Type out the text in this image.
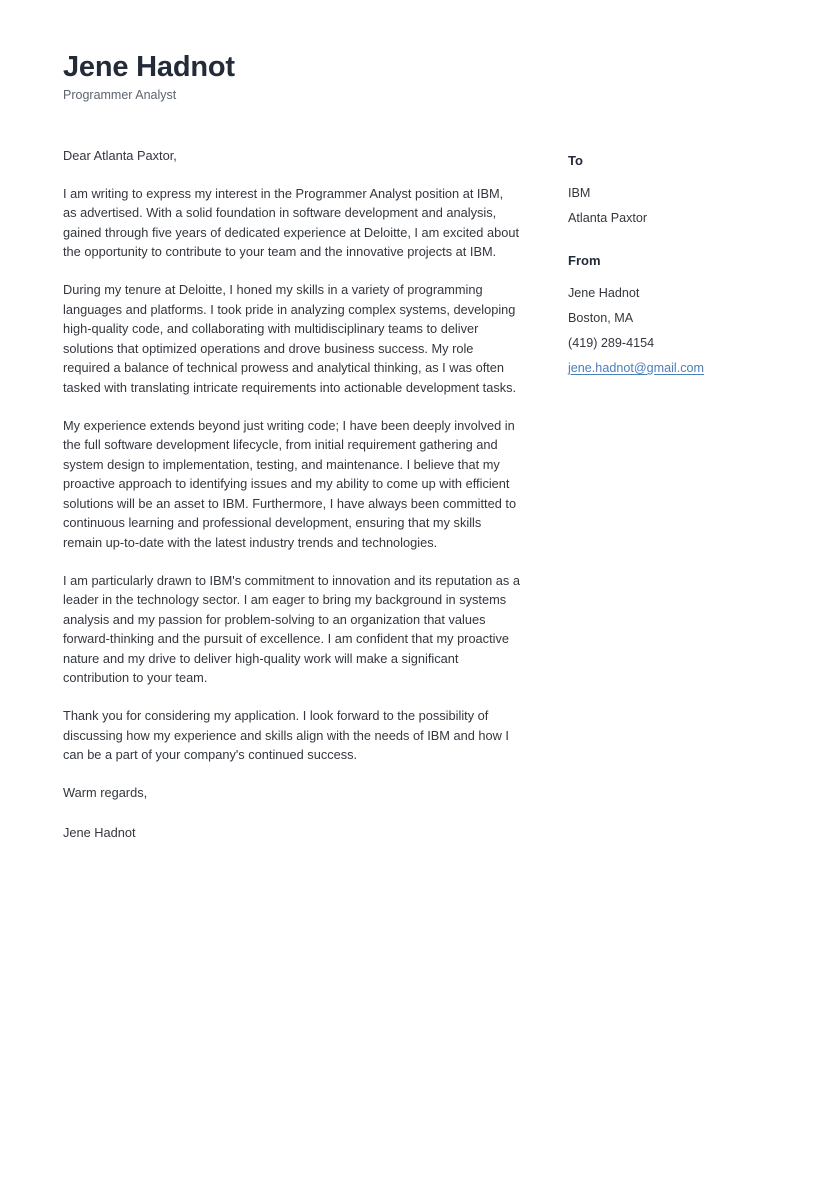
Jene Hadnot

Programmer Analyst

Dear Atlanta Paxtor,

I am writing to express my interest in the Programmer Analyst position at IBM, as advertised. With a solid foundation in software development and analysis, gained through five years of dedicated experience at Deloitte, I am excited about the opportunity to contribute to your team and the innovative projects at IBM.

During my tenure at Deloitte, I honed my skills in a variety of programming languages and platforms. I took pride in analyzing complex systems, developing high-quality code, and collaborating with multidisciplinary teams to deliver solutions that optimized operations and drove business success. My role required a balance of technical prowess and analytical thinking, as I was often tasked with translating intricate requirements into actionable development tasks.

My experience extends beyond just writing code; I have been deeply involved in the full software development lifecycle, from initial requirement gathering and system design to implementation, testing, and maintenance. I believe that my proactive approach to identifying issues and my ability to come up with efficient solutions will be an asset to IBM. Furthermore, I have always been committed to continuous learning and professional development, ensuring that my skills remain up-to-date with the latest industry trends and technologies.

I am particularly drawn to IBM's commitment to innovation and its reputation as a leader in the technology sector. I am eager to bring my background in systems analysis and my passion for problem-solving to an organization that values forward-thinking and the pursuit of excellence. I am confident that my proactive nature and my drive to deliver high-quality work will make a significant contribution to your team.

Thank you for considering my application. I look forward to the possibility of discussing how my experience and skills align with the needs of IBM and how I can be a part of your company's continued success.

Warm regards,

Jene Hadnot

To

IBM
Atlanta Paxtor

From

Jene Hadnot
Boston, MA
(419) 289-4154
jene.hadnot@gmail.com
